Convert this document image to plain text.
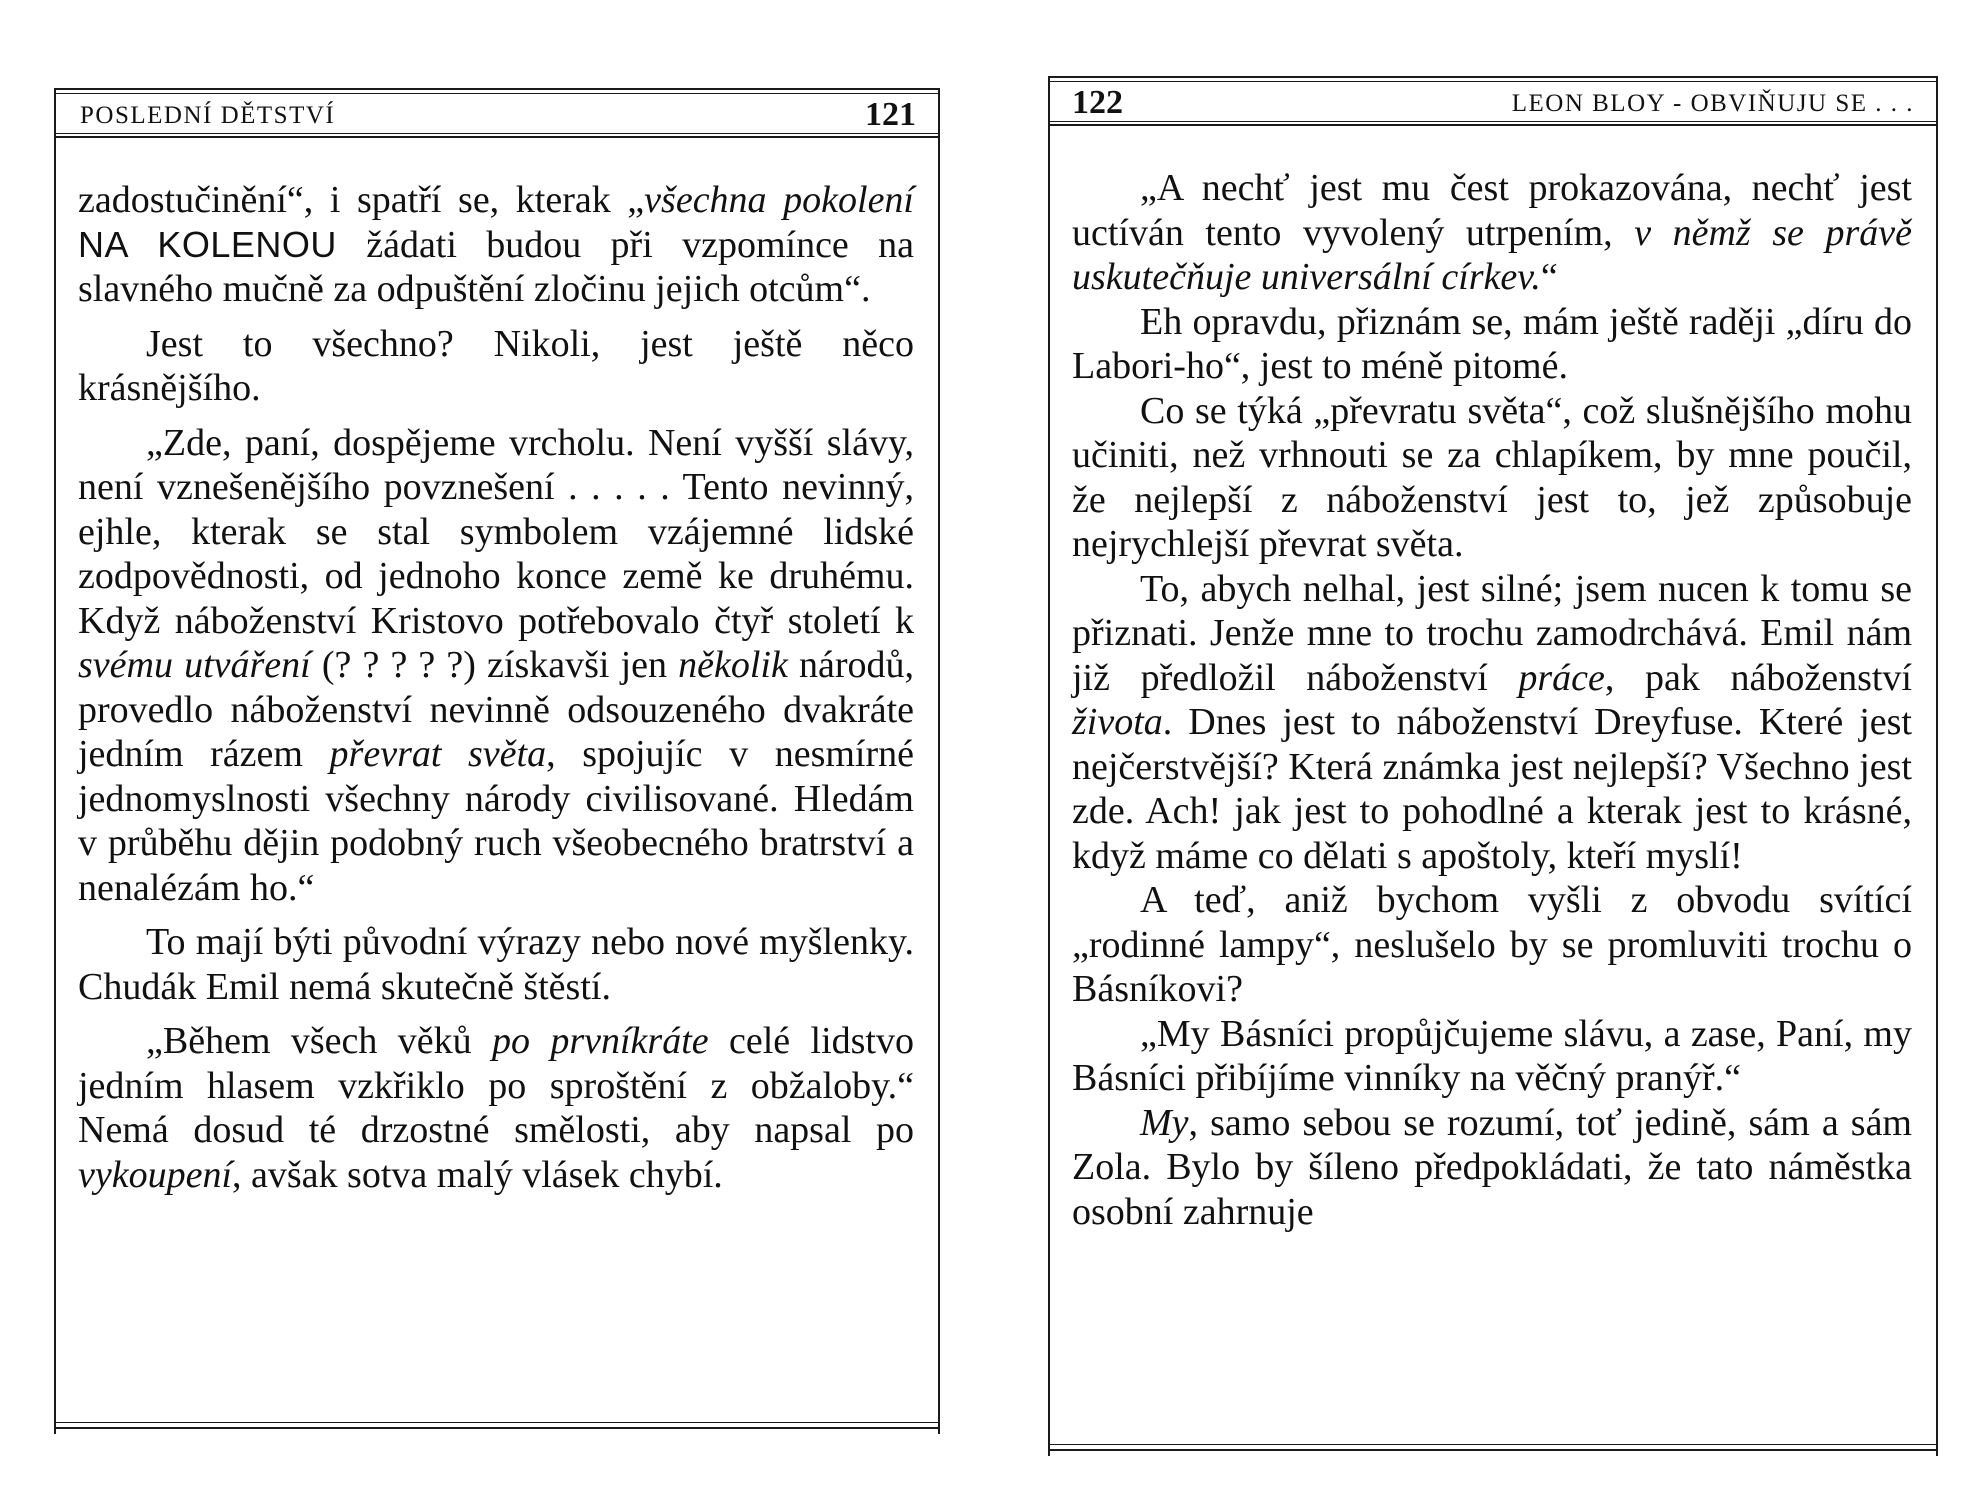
POSLEDNÍ DĚTSTVÍ	121

zadostučinění“, i spatří se, kterak „všechna pokolení NA KOLENOU žádati budou při vzpomínce na slavného mučně za odpuštění zločinu jejich otcům“.

Jest to všechno? Nikoli, jest ještě něco krásnějšího.

„Zde, paní, dospějeme vrcholu. Není vyšší slávy, není vznešenějšího povznešení . . . . . Tento nevinný, ejhle, kterak se stal symbolem vzájemné lidské zodpovědnosti, od jednoho konce země ke druhému. Když náboženství Kristovo potřebovalo čtyř století k svému utváření (? ? ? ? ?) získavši jen několik národů, provedlo náboženství nevinně odsouzeného dvakráte jedním rázem převrat světa, spojujíc v nesmírné jednomyslnosti všechny národy civilisované. Hledám v průběhu dějin podobný ruch všeobecného bratrství a nenalézám ho.“

To mají býti původní výrazy nebo nové myšlenky. Chudák Emil nemá skutečně štěstí.

„Během všech věků po prvníkráte celé lidstvo jedním hlasem vzkřiklo po sproštění z obžaloby.“ Nemá dosud té drzostné smělosti, aby napsal po vykoupení, avšak sotva malý vlásek chybí.

122	LEON BLOY - OBVIŇUJU SE . . .

„A nechť jest mu čest prokazována, nechť jest uctíván tento vyvolený utrpením, v němž se právě uskutečňuje universální církev.“

Eh opravdu, přiznám se, mám ještě raději „díru do Labori-ho“, jest to méně pitomé.

Co se týká „převratu světa“, což slušnějšího mohu učiniti, než vrhnouti se za chlapíkem, by mne poučil, že nejlepší z náboženství jest to, jež způsobuje nejrychlejší převrat světa.

To, abych nelhal, jest silné; jsem nucen k tomu se přiznati. Jenže mne to trochu zamodrchává. Emil nám již předložil náboženství práce, pak náboženství života. Dnes jest to náboženství Dreyfuse. Které jest nejčerstvější? Která známka jest nejlepší? Všechno jest zde. Ach! jak jest to pohodlné a kterak jest to krásné, když máme co dělati s apoštoly, kteří myslí!

A teď, aniž bychom vyšli z obvodu svítící „rodinné lampy“, neslušelo by se promluviti trochu o Básníkovi?

„My Básníci propůjčujeme slávu, a zase, Paní, my Básníci přibíjíme vinníky na věčný pranýř.“

My, samo sebou se rozumí, toť jedině, sám a sám Zola. Bylo by šíleno předpokládati, že tato náměstka osobní zahrnuje
